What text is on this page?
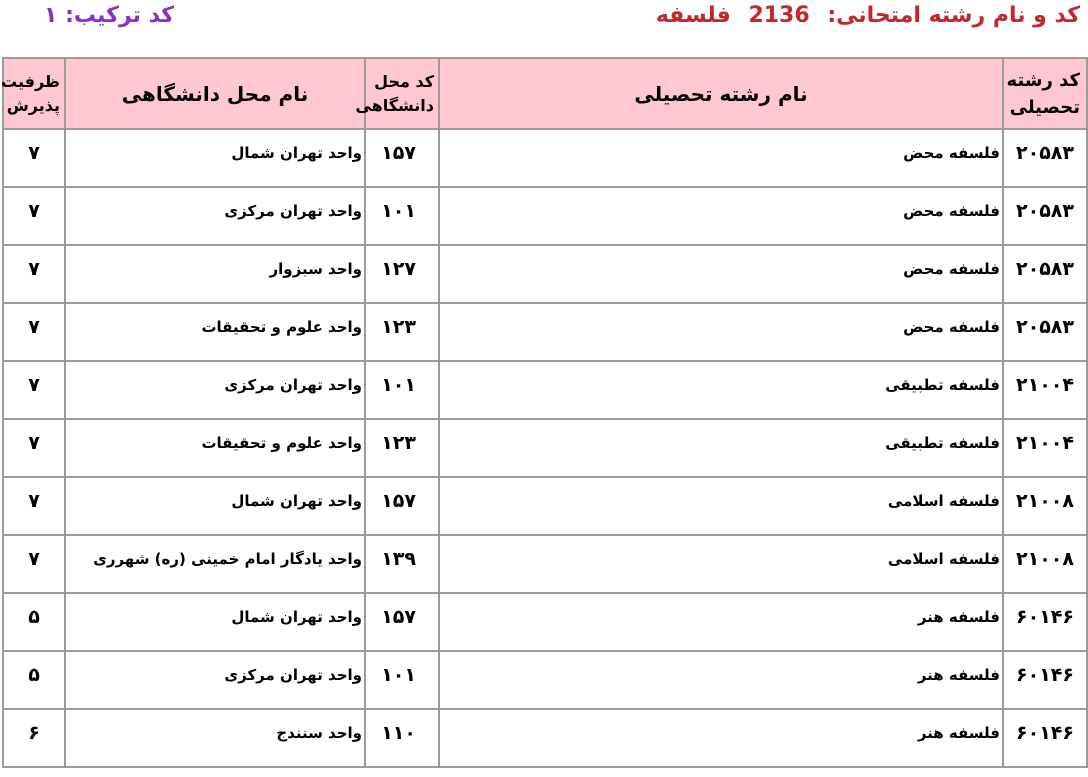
کد و نام رشته امتحانی: 2136 فلسفه
کد ترکیب: ۱
کد رشته تحصیلی	نام رشته تحصیلی	کد محل دانشگاهی	نام محل دانشگاهی	ظرفیت پذیرش
۲۰۵۸۳	فلسفه محض	۱۵۷	واحد تهران شمال	۷
۲۰۵۸۳	فلسفه محض	۱۰۱	واحد تهران مرکزی	۷
۲۰۵۸۳	فلسفه محض	۱۲۷	واحد سبزوار	۷
۲۰۵۸۳	فلسفه محض	۱۲۳	واحد علوم و تحقیقات	۷
۲۱۰۰۴	فلسفه تطبیقی	۱۰۱	واحد تهران مرکزی	۷
۲۱۰۰۴	فلسفه تطبیقی	۱۲۳	واحد علوم و تحقیقات	۷
۲۱۰۰۸	فلسفه اسلامی	۱۵۷	واحد تهران شمال	۷
۲۱۰۰۸	فلسفه اسلامی	۱۳۹	واحد یادگار امام خمینی (ره) شهرری	۷
۶۰۱۴۶	فلسفه هنر	۱۵۷	واحد تهران شمال	۵
۶۰۱۴۶	فلسفه هنر	۱۰۱	واحد تهران مرکزی	۵
۶۰۱۴۶	فلسفه هنر	۱۱۰	واحد سنندج	۶
